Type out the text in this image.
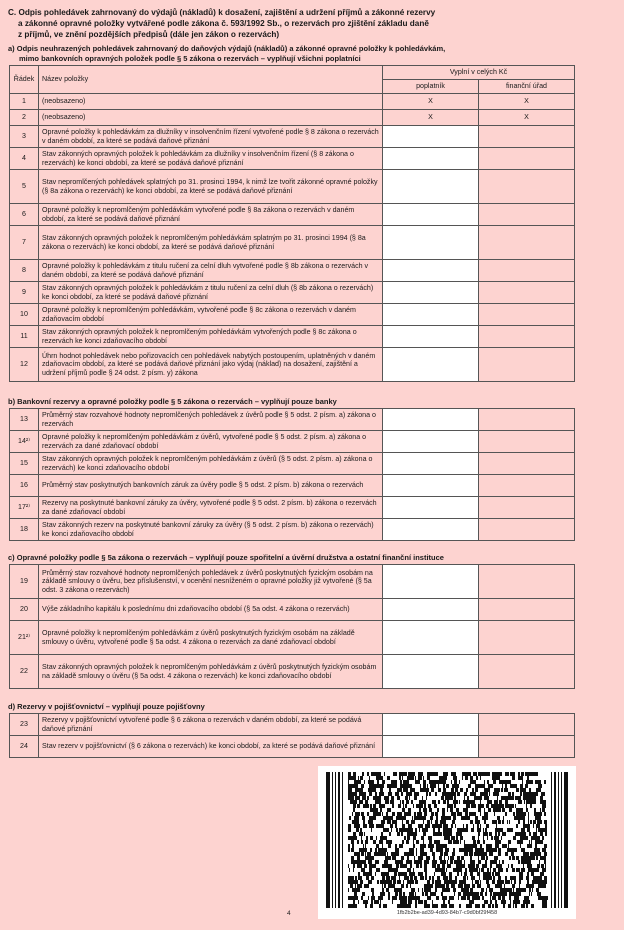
C. Odpis pohledávek zahrnovaný do výdajů (nákladů) k dosažení, zajištění a udržení příjmů a zákonné rezervy
a zákonné opravné položky vytvářené podle zákona č. 593/1992 Sb., o rezervách pro zjištění základu daně
z příjmů, ve znění pozdějších předpisů (dále jen zákon o rezervách)
a) Odpis neuhrazených pohledávek zahrnovaný do daňových výdajů (nákladů) a zákonné opravné položky k pohledávkám,
mimo bankovních opravných položek podle § 5 zákona o rezervách – vyplňují všichni poplatníci
Řádek	Název položky	Vyplní v celých Kč	
		poplatník	finanční úřad
1	(neobsazeno)	X	X
2	(neobsazeno)	X	X
3	Opravné položky k pohledávkám za dlužníky v insolvenčním řízení vytvořené podle § 8 zákona o rezervách v daném období, za které se podává daňové přiznání		
4	Stav zákonných opravných položek k pohledávkám za dlužníky v insolvenčním řízení (§ 8 zákona o rezervách) ke konci období, za které se podává daňové přiznání		
5	Stav nepromlčených pohledávek splatných po 31. prosinci 1994, k nimž lze tvořit zákonné opravné položky (§ 8a zákona o rezervách) ke konci období, za které se podává daňové přiznání		
6	Opravné položky k nepromlčeným pohledávkám vytvořené podle § 8a zákona o rezervách v daném období, za které se podává daňové přiznání		
7	Stav zákonných opravných položek k nepromlčeným pohledávkám splatným po 31. prosinci 1994 (§ 8a zákona o rezervách) ke konci období, za které se podává daňové přiznání		
8	Opravné položky k pohledávkám z titulu ručení za celní dluh vytvořené podle § 8b zákona o rezervách v daném období, za které se podává daňové přiznání		
9	Stav zákonných opravných položek k pohledávkám z titulu ručení za celní dluh (§ 8b zákona o rezervách) ke konci období, za které se podává daňové přiznání		
10	Opravné položky k nepromlčeným pohledávkám, vytvořené podle § 8c zákona o rezervách v daném zdaňovacím období		
11	Stav zákonných opravných položek k nepromlčeným pohledávkám vytvořených podle § 8c zákona o rezervách ke konci zdaňovacího období		
12	Úhrn hodnot pohledávek nebo pořizovacích cen pohledávek nabytých postoupením, uplatněných v daném zdaňovacím období, za které se podává daňové přiznání jako výdaj (náklad) na dosažení, zajištění a udržení příjmů podle § 24 odst. 2 písm. y) zákona		
b) Bankovní rezervy a opravné položky podle § 5 zákona o rezervách – vyplňují pouze banky
13	Průměrný stav rozvahové hodnoty nepromlčených pohledávek z úvěrů podle § 5 odst. 2 písm. a) zákona o rezervách		
14²⁾	Opravné položky k nepromlčeným pohledávkám z úvěrů, vytvořené podle § 5 odst. 2 písm. a) zákona o rezervách za dané zdaňovací období		
15	Stav zákonných opravných položek k nepromlčeným pohledávkám z úvěrů (§ 5 odst. 2 písm. a) zákona o rezervách) ke konci zdaňovacího období		
16	Průměrný stav poskytnutých bankovních záruk za úvěry podle § 5 odst. 2 písm. b) zákona o rezervách		
17²⁾	Rezervy na poskytnuté bankovní záruky za úvěry, vytvořené podle § 5 odst. 2 písm. b) zákona o rezervách za dané zdaňovací období		
18	Stav zákonných rezerv na poskytnuté bankovní záruky za úvěry (§ 5 odst. 2 písm. b) zákona o rezervách) ke konci zdaňovacího období		
c) Opravné položky podle § 5a zákona o rezervách – vyplňují pouze spořitelní a úvěrní družstva a ostatní finanční instituce
19	Průměrný stav rozvahové hodnoty nepromlčených pohledávek z úvěrů poskytnutých fyzickým osobám na základě smlouvy o úvěru, bez příslušenství, v ocenění nesníženém o opravné položky již vytvořené (§ 5a odst. 3 zákona o rezervách)		
20	Výše základního kapitálu k poslednímu dni zdaňovacího období (§ 5a odst. 4 zákona o rezervách)		
21²⁾	Opravné položky k nepromlčeným pohledávkám z úvěrů poskytnutých fyzickým osobám na základě smlouvy o úvěru, vytvořené podle § 5a odst. 4 zákona o rezervách za dané zdaňovací období		
22	Stav zákonných opravných položek k nepromlčeným pohledávkám z úvěrů poskytnutých fyzickým osobám na základě smlouvy o úvěru (§ 5a odst. 4 zákona o rezervách) ke konci zdaňovacího období		
d) Rezervy v pojišťovnictví – vyplňují pouze pojišťovny
23	Rezervy v pojišťovnictví vytvořené podle § 6 zákona o rezervách v daném období, za které se podává daňové přiznání		
24	Stav rezerv v pojišťovnictví (§ 6 zákona o rezervách) ke konci období, za které se podává daňové přiznání		
1fb2b2be-ad39-4d93-84b7-c9d0bf29f458
4
